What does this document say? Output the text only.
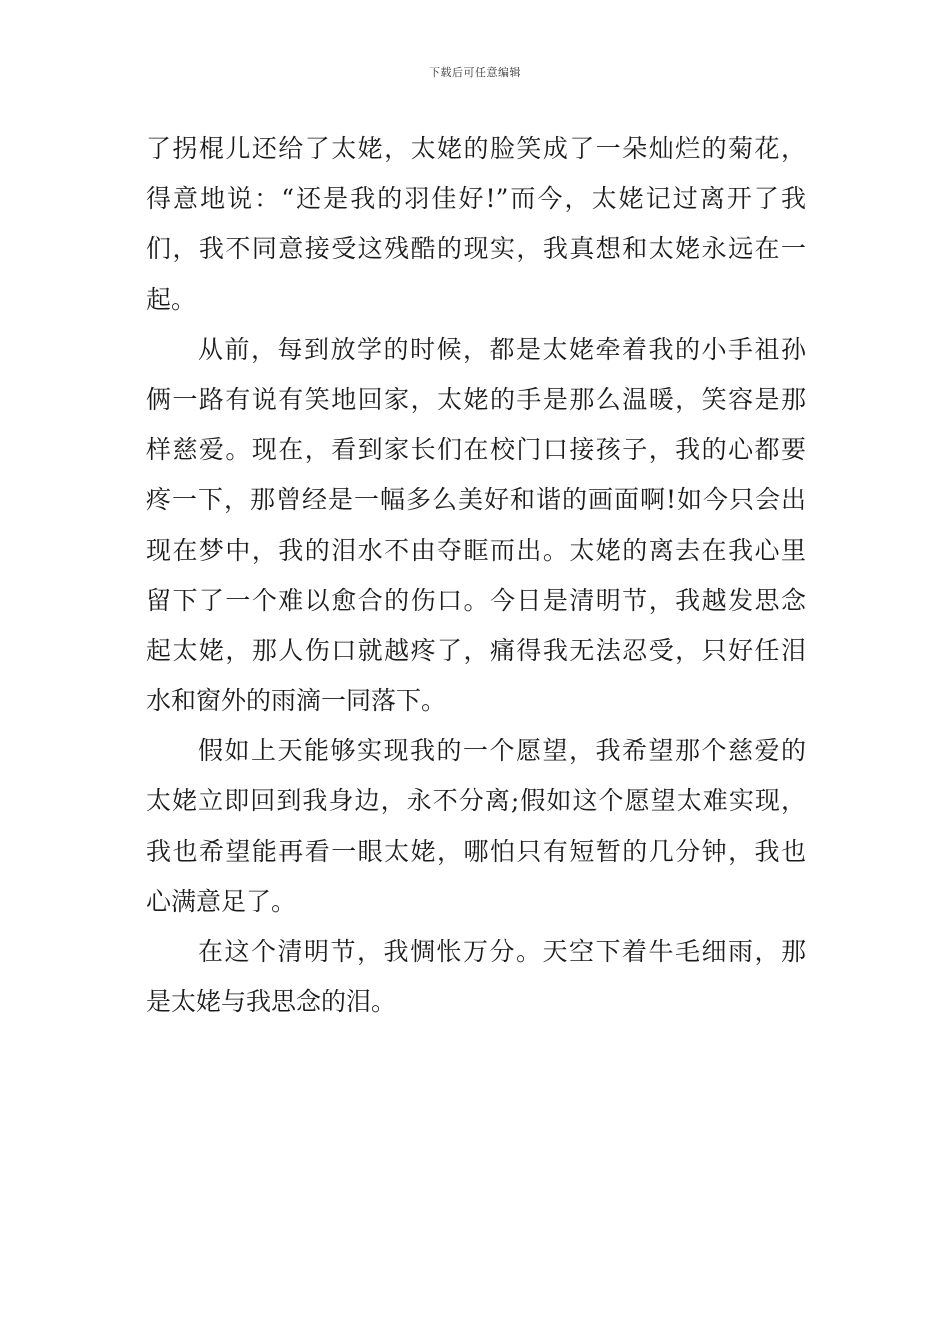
下载后可任意编辑
了拐棍儿还给了太姥，太姥的脸笑成了一朵灿烂的菊花，
得意地说：“还是我的羽佳好!”而今，太姥记过离开了我
们，我不同意接受这残酷的现实，我真想和太姥永远在一
起。
从前，每到放学的时候，都是太姥牵着我的小手祖孙
俩一路有说有笑地回家，太姥的手是那么温暖，笑容是那
样慈爱。现在，看到家长们在校门口接孩子，我的心都要
疼一下，那曾经是一幅多么美好和谐的画面啊!如今只会出
现在梦中，我的泪水不由夺眶而出。太姥的离去在我心里
留下了一个难以愈合的伤口。今日是清明节，我越发思念
起太姥，那人伤口就越疼了，痛得我无法忍受，只好任泪
水和窗外的雨滴一同落下。
假如上天能够实现我的一个愿望，我希望那个慈爱的
太姥立即回到我身边，永不分离;假如这个愿望太难实现，
我也希望能再看一眼太姥，哪怕只有短暂的几分钟，我也
心满意足了。
在这个清明节，我惆怅万分。天空下着牛毛细雨，那
是太姥与我思念的泪。
